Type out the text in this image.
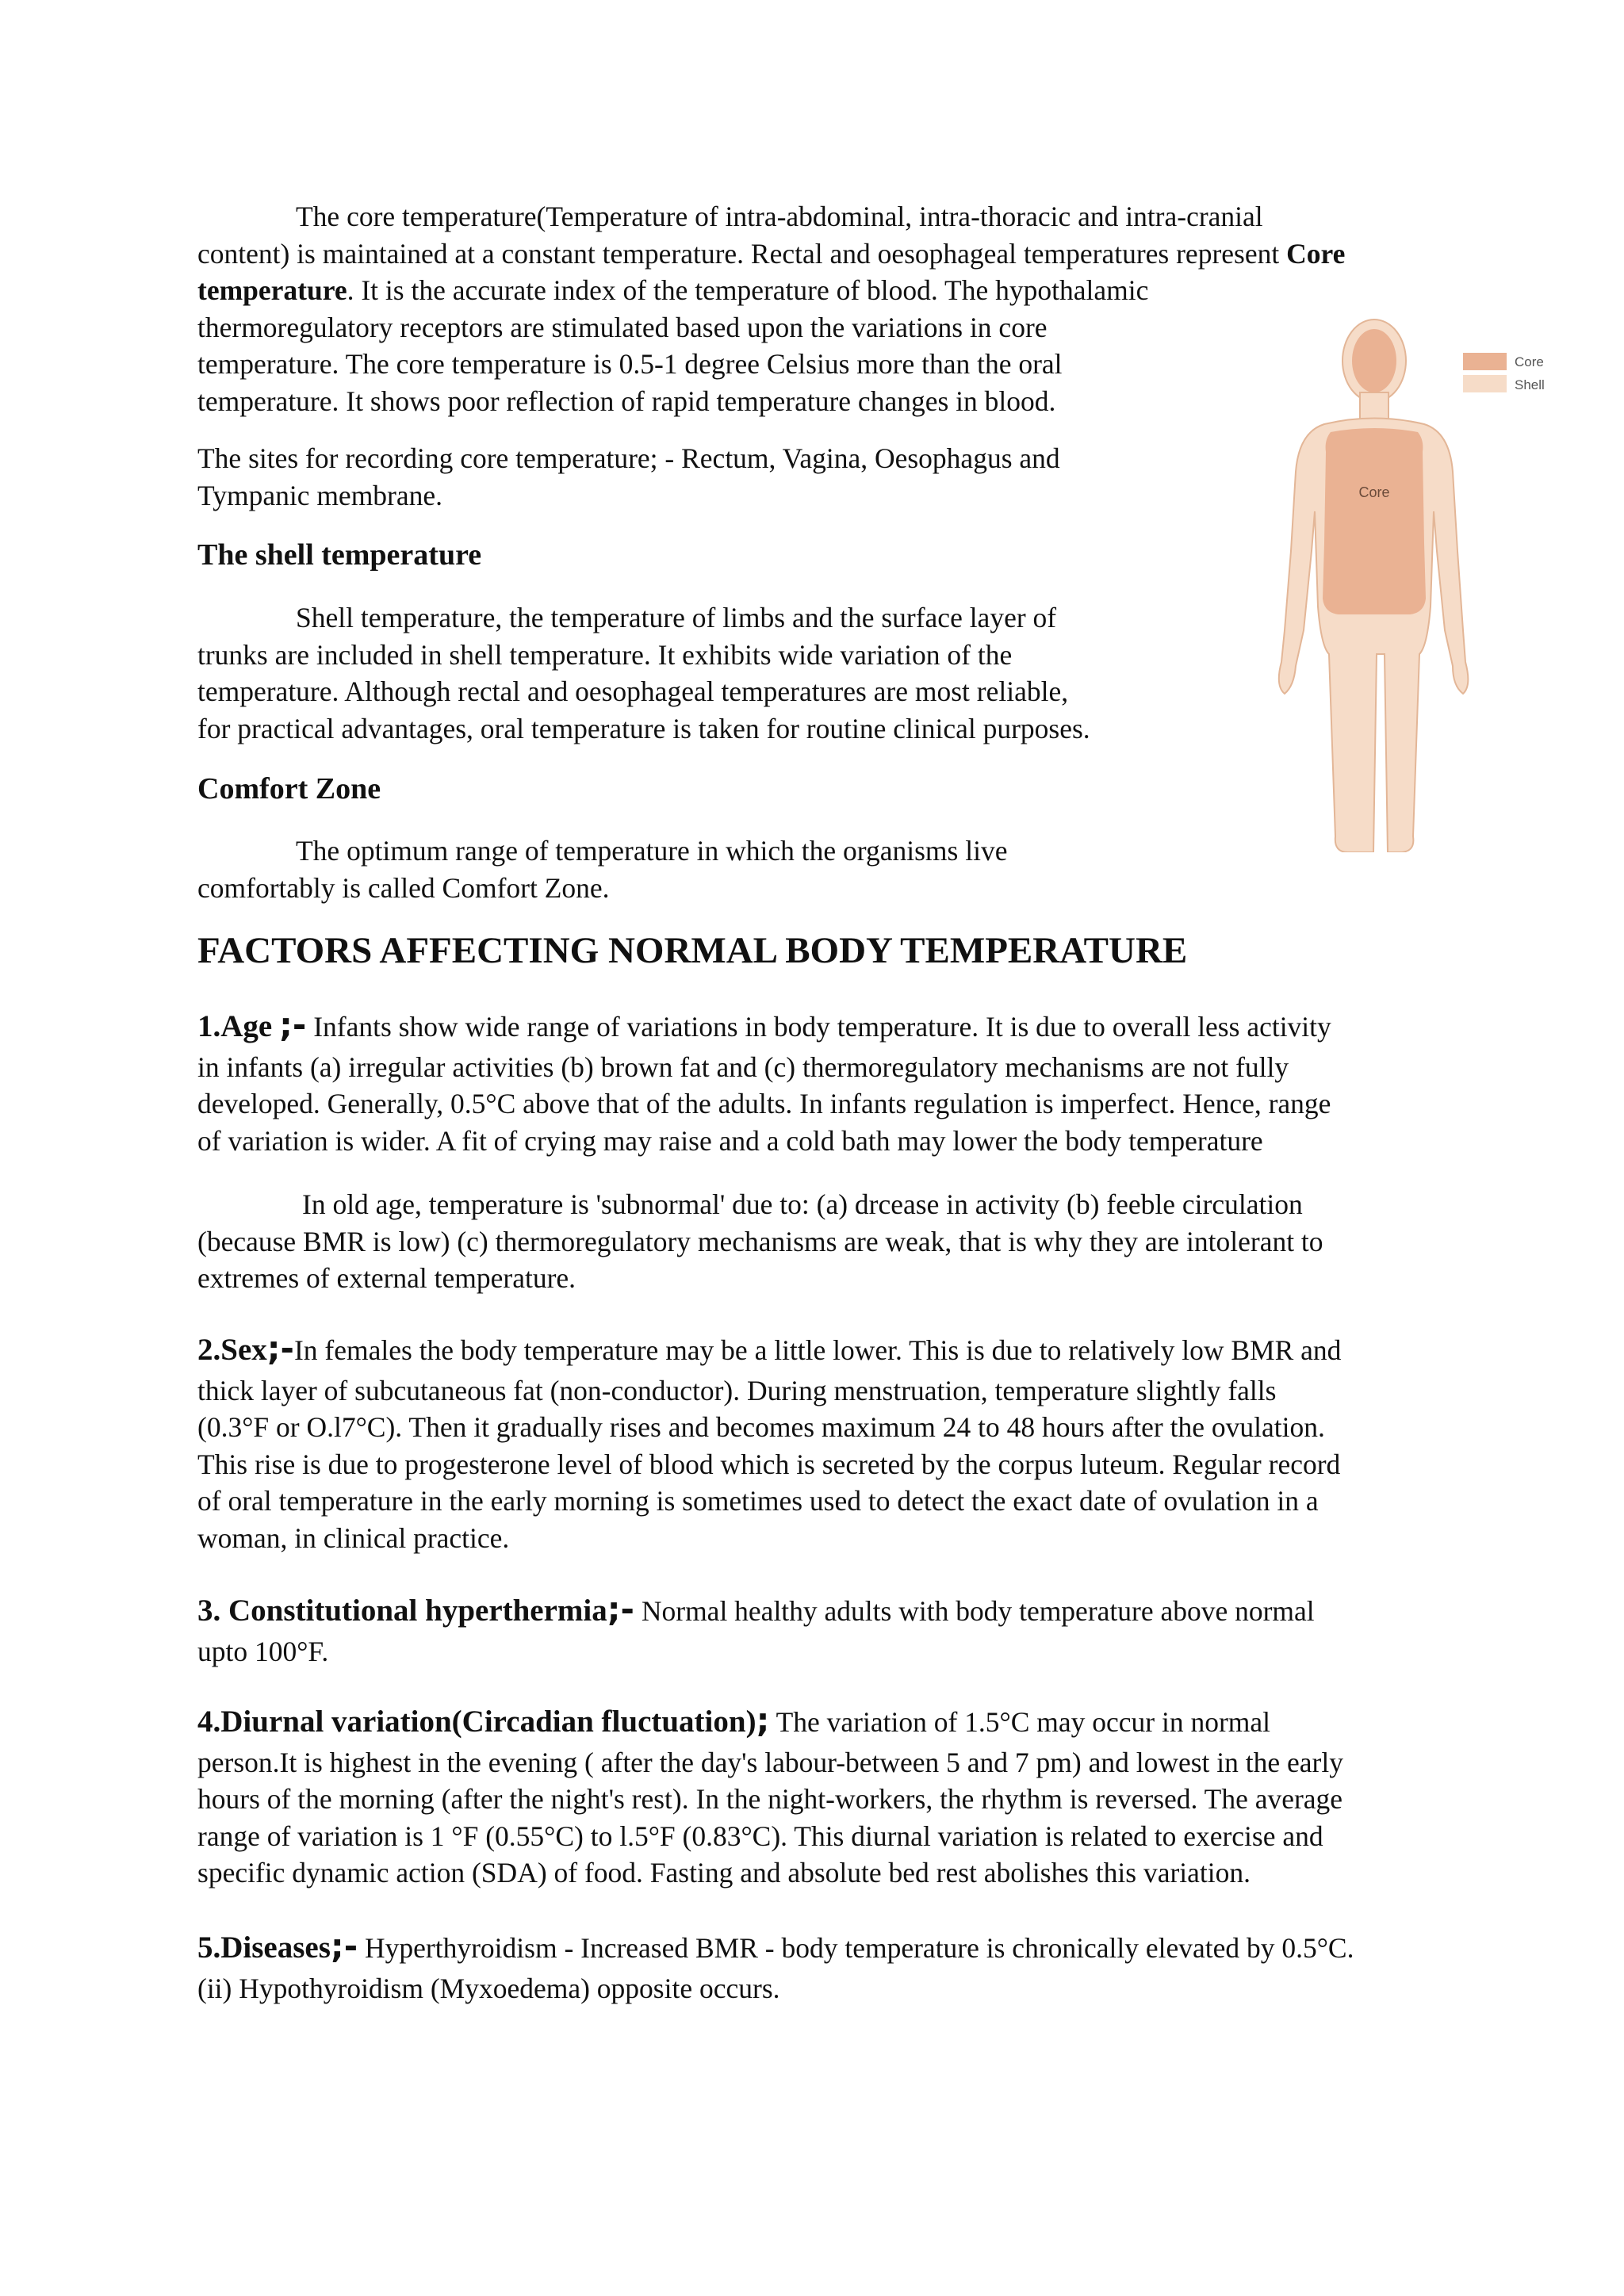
The core temperature(Temperature of intra-abdominal, intra-thoracic and intra-cranial
content) is maintained at a constant temperature. Rectal and oesophageal temperatures represent Core
temperature. It is the accurate index of the temperature of blood. The hypothalamic
thermoregulatory receptors are stimulated based upon the variations in core
temperature. The core temperature is 0.5-1 degree Celsius more than the oral
temperature. It shows poor reflection of rapid temperature changes in blood.
The sites for recording core temperature; - Rectum, Vagina, Oesophagus and
Tympanic membrane.
The shell temperature
Shell temperature, the temperature of limbs and the surface layer of
trunks are included in shell temperature. It exhibits wide variation of the
temperature. Although rectal and oesophageal temperatures are most reliable,
for practical advantages, oral temperature is taken for routine clinical purposes.
Comfort Zone
The optimum range of temperature in which the organisms live
comfortably is called Comfort Zone.
FACTORS AFFECTING NORMAL BODY TEMPERATURE
1.Age ;- Infants show wide range of variations in body temperature. It is due to overall less activity
in infants (a) irregular activities (b) brown fat and (c) thermoregulatory mechanisms are not fully
developed. Generally, 0.5°C above that of the adults. In infants regulation is imperfect. Hence, range
of variation is wider. A fit of crying may raise and a cold bath may lower the body temperature
In old age, temperature is 'subnormal' due to: (a) drcease in activity (b) feeble circulation
(because BMR is low) (c) thermoregulatory mechanisms are weak, that is why they are intolerant to
extremes of external temperature.
2.Sex;-In females the body temperature may be a little lower. This is due to relatively low BMR and
thick layer of subcutaneous fat (non-conductor). During menstruation, temperature slightly falls
(0.3°F or O.l7°C). Then it gradually rises and becomes maximum 24 to 48 hours after the ovulation.
This rise is due to progesterone level of blood which is secreted by the corpus luteum. Regular record
of oral temperature in the early morning is sometimes used to detect the exact date of ovulation in a
woman, in clinical practice.
3. Constitutional hyperthermia;- Normal healthy adults with body temperature above normal
upto 100°F.
4.Diurnal variation(Circadian fluctuation); The variation of 1.5°C may occur in normal
person.It is highest in the evening ( after the day's labour-between 5 and 7 pm) and lowest in the early
hours of the morning (after the night's rest). In the night-workers, the rhythm is reversed. The average
range of variation is 1 °F (0.55°C) to l.5°F (0.83°C). This diurnal variation is related to exercise and
specific dynamic action (SDA) of food. Fasting and absolute bed rest abolishes this variation.
5.Diseases;- Hyperthyroidism - Increased BMR - body temperature is chronically elevated by 0.5°C.
(ii) Hypothyroidism (Myxoedema) opposite occurs.
Core
Shell
Core
